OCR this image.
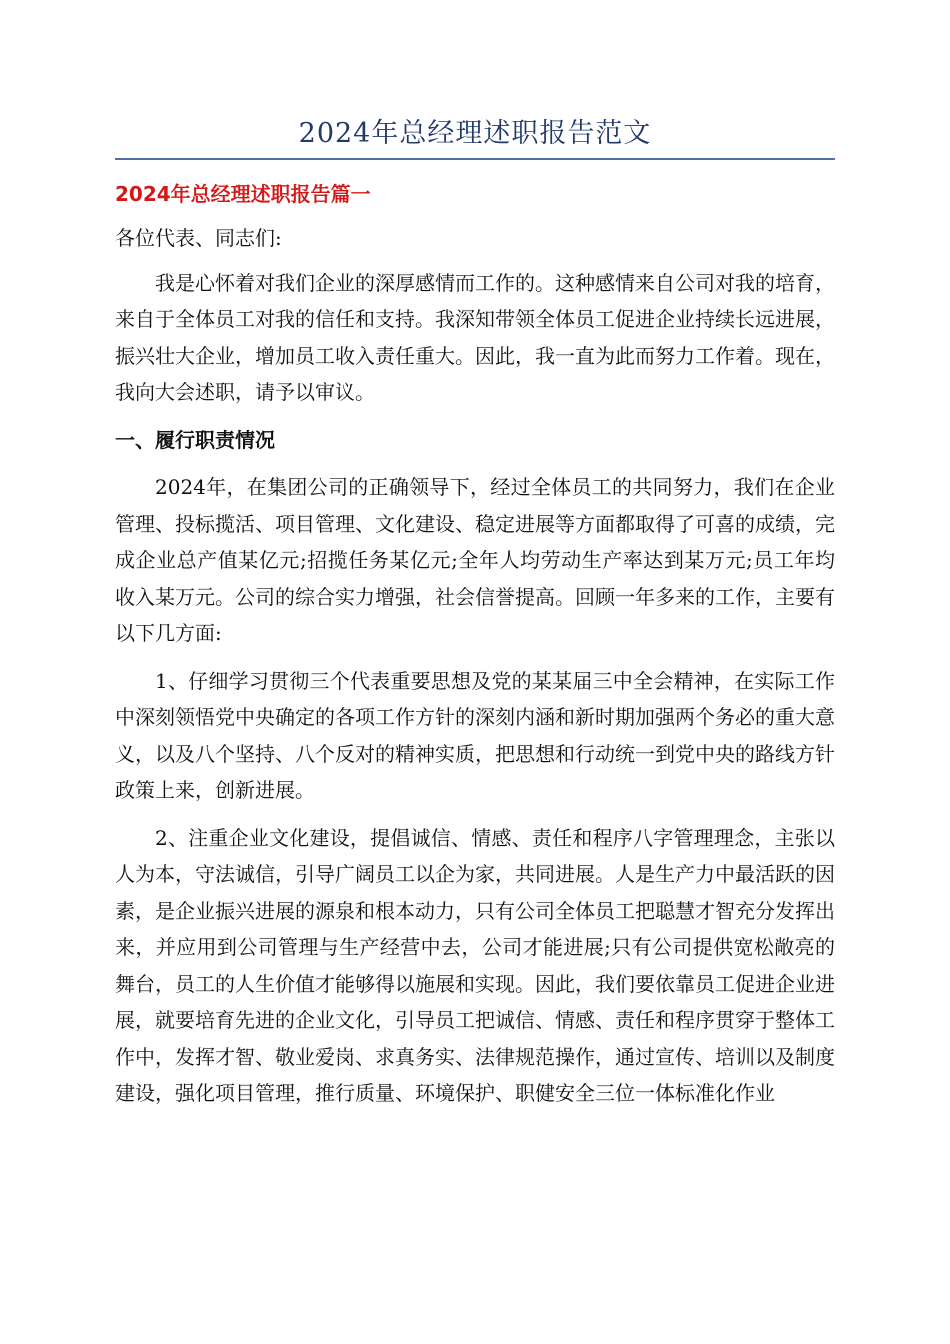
2024年总经理述职报告范文
2024年总经理述职报告篇一
各位代表、同志们:

我是心怀着对我们企业的深厚感情而工作的。这种感情来自公司对我的培育，来自于全体员工对我的信任和支持。我深知带领全体员工促进企业持续长远进展，振兴壮大企业，增加员工收入责任重大。因此，我一直为此而努力工作着。现在，我向大会述职，请予以审议。

一、履行职责情况

2024年，在集团公司的正确领导下，经过全体员工的共同努力，我们在企业管理、投标揽活、项目管理、文化建设、稳定进展等方面都取得了可喜的成绩，完成企业总产值某亿元;招揽任务某亿元;全年人均劳动生产率达到某万元;员工年均收入某万元。公司的综合实力增强，社会信誉提高。回顾一年多来的工作，主要有以下几方面:

1、仔细学习贯彻三个代表重要思想及党的某某届三中全会精神，在实际工作中深刻领悟党中央确定的各项工作方针的深刻内涵和新时期加强两个务必的重大意义，以及八个坚持、八个反对的精神实质，把思想和行动统一到党中央的路线方针政策上来，创新进展。

2、注重企业文化建设，提倡诚信、情感、责任和程序八字管理理念，主张以人为本，守法诚信，引导广阔员工以企为家，共同进展。人是生产力中最活跃的因素，是企业振兴进展的源泉和根本动力，只有公司全体员工把聪慧才智充分发挥出来，并应用到公司管理与生产经营中去，公司才能进展;只有公司提供宽松敞亮的舞台，员工的人生价值才能够得以施展和实现。因此，我们要依靠员工促进企业进展，就要培育先进的企业文化，引导员工把诚信、情感、责任和程序贯穿于整体工作中，发挥才智、敬业爱岗、求真务实、法律规范操作，通过宣传、培训以及制度建设，强化项目管理，推行质量、环境保护、职健安全三位一体标准化作业
